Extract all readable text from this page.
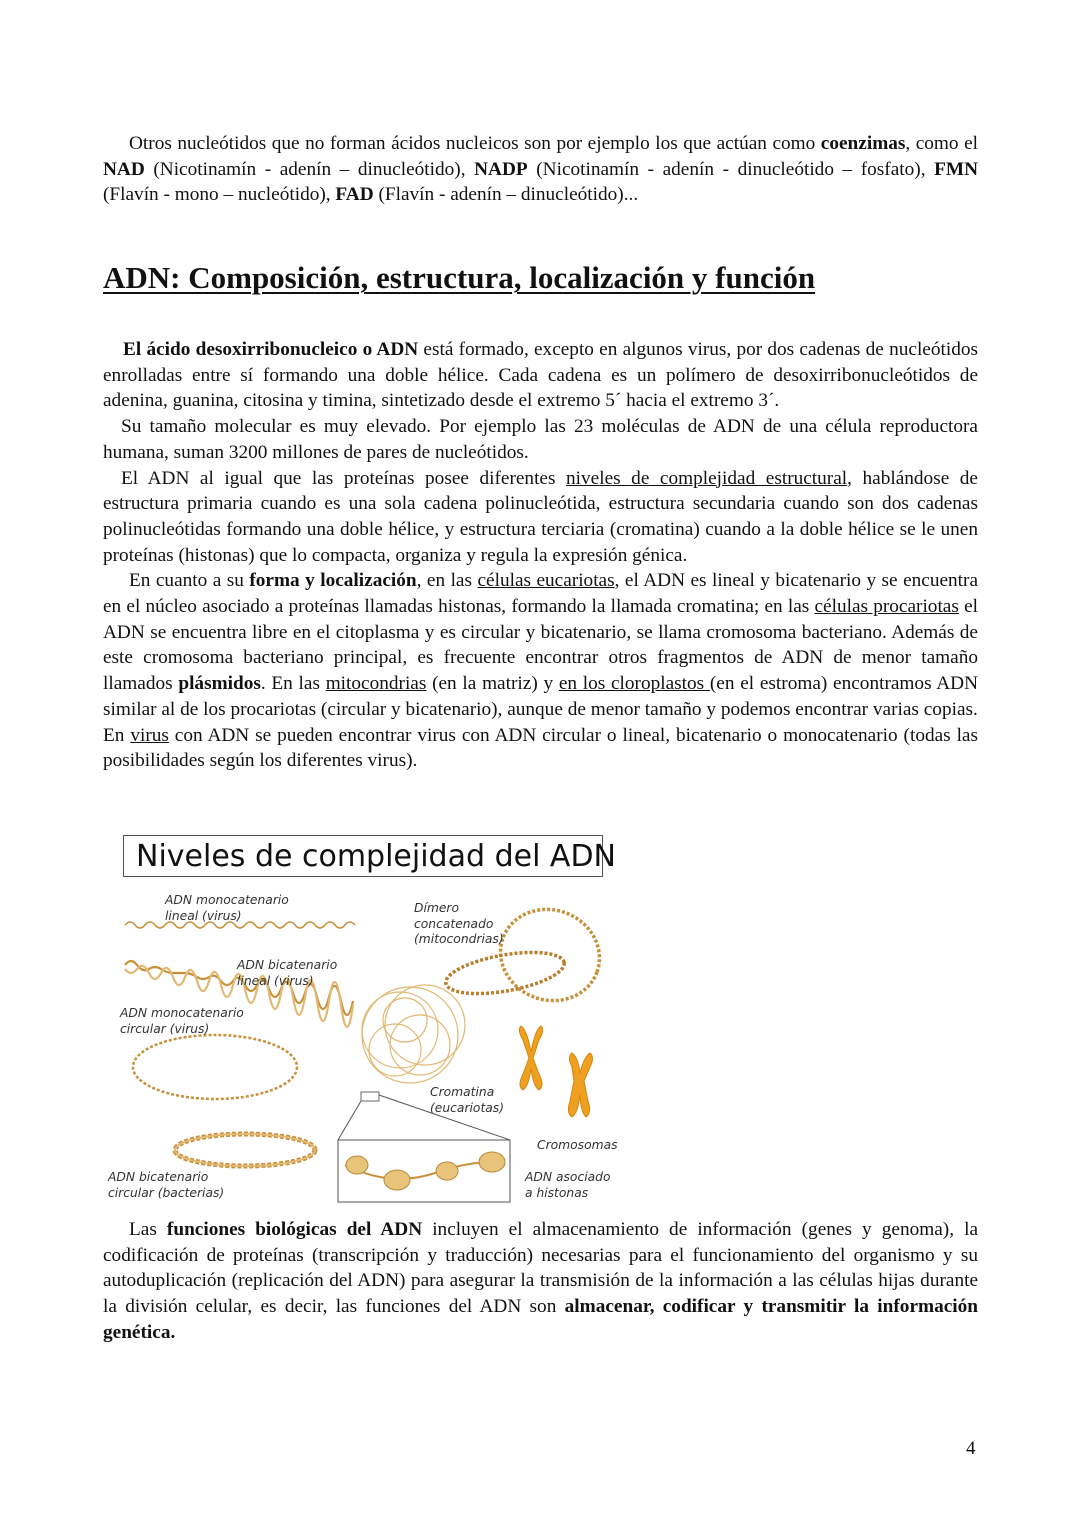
Otros nucleótidos que no forman ácidos nucleicos son por ejemplo los que actúan como coenzimas, como el NAD (Nicotinamín - adenín – dinucleótido), NADP (Nicotinamín - adenín - dinucleótido – fosfato), FMN (Flavín - mono – nucleótido), FAD (Flavín - adenín – dinucleótido)...

ADN: Composición, estructura, localización y función

El ácido desoxirribonucleico o ADN está formado, excepto en algunos virus, por dos cadenas de nucleótidos enrolladas entre sí formando una doble hélice. Cada cadena es un polímero de desoxirribonucleótidos de adenina, guanina, citosina y timina, sintetizado desde el extremo 5´ hacia el extremo 3´.

Su tamaño molecular es muy elevado. Por ejemplo las 23 moléculas de ADN de una célula reproductora humana, suman 3200 millones de pares de nucleótidos.

El ADN al igual que las proteínas posee diferentes niveles de complejidad estructural, hablándose de estructura primaria cuando es una sola cadena polinucleótida, estructura secundaria cuando son dos cadenas polinucleótidas formando una doble hélice, y estructura terciaria (cromatina) cuando a la doble hélice se le unen proteínas (histonas) que lo compacta, organiza y regula la expresión génica.

En cuanto a su forma y localización, en las células eucariotas, el ADN es lineal y bicatenario y se encuentra en el núcleo asociado a proteínas llamadas histonas, formando la llamada cromatina; en las células procariotas el ADN se encuentra libre en el citoplasma y es circular y bicatenario, se llama cromosoma bacteriano. Además de este cromosoma bacteriano principal, es frecuente encontrar otros fragmentos de ADN de menor tamaño llamados plásmidos. En las mitocondrias (en la matriz) y en los cloroplastos (en el estroma) encontramos ADN similar al de los procariotas (circular y bicatenario), aunque de menor tamaño y podemos encontrar varias copias.

En virus con ADN se pueden encontrar virus con ADN circular o lineal, bicatenario o monocatenario (todas las posibilidades según los diferentes virus).

Las funciones biológicas del ADN incluyen el almacenamiento de información (genes y genoma), la codificación de proteínas (transcripción y traducción) necesarias para el funcionamiento del organismo y su autoduplicación (replicación del ADN) para asegurar la transmisión de la información a las células hijas durante la división celular, es decir, las funciones del ADN son almacenar, codificar y transmitir la información genética.

Niveles de complejidad del ADN
ADN monocatenario
lineal (virus)
ADN bicatenario
lineal (virus)
ADN monocatenario
circular (virus)
ADN bicatenario
circular (bacterias)
Dímero
concatenado
(mitocondrias)
Cromatina
(eucariotas)
Cromosomas
ADN asociado
a histonas
4
